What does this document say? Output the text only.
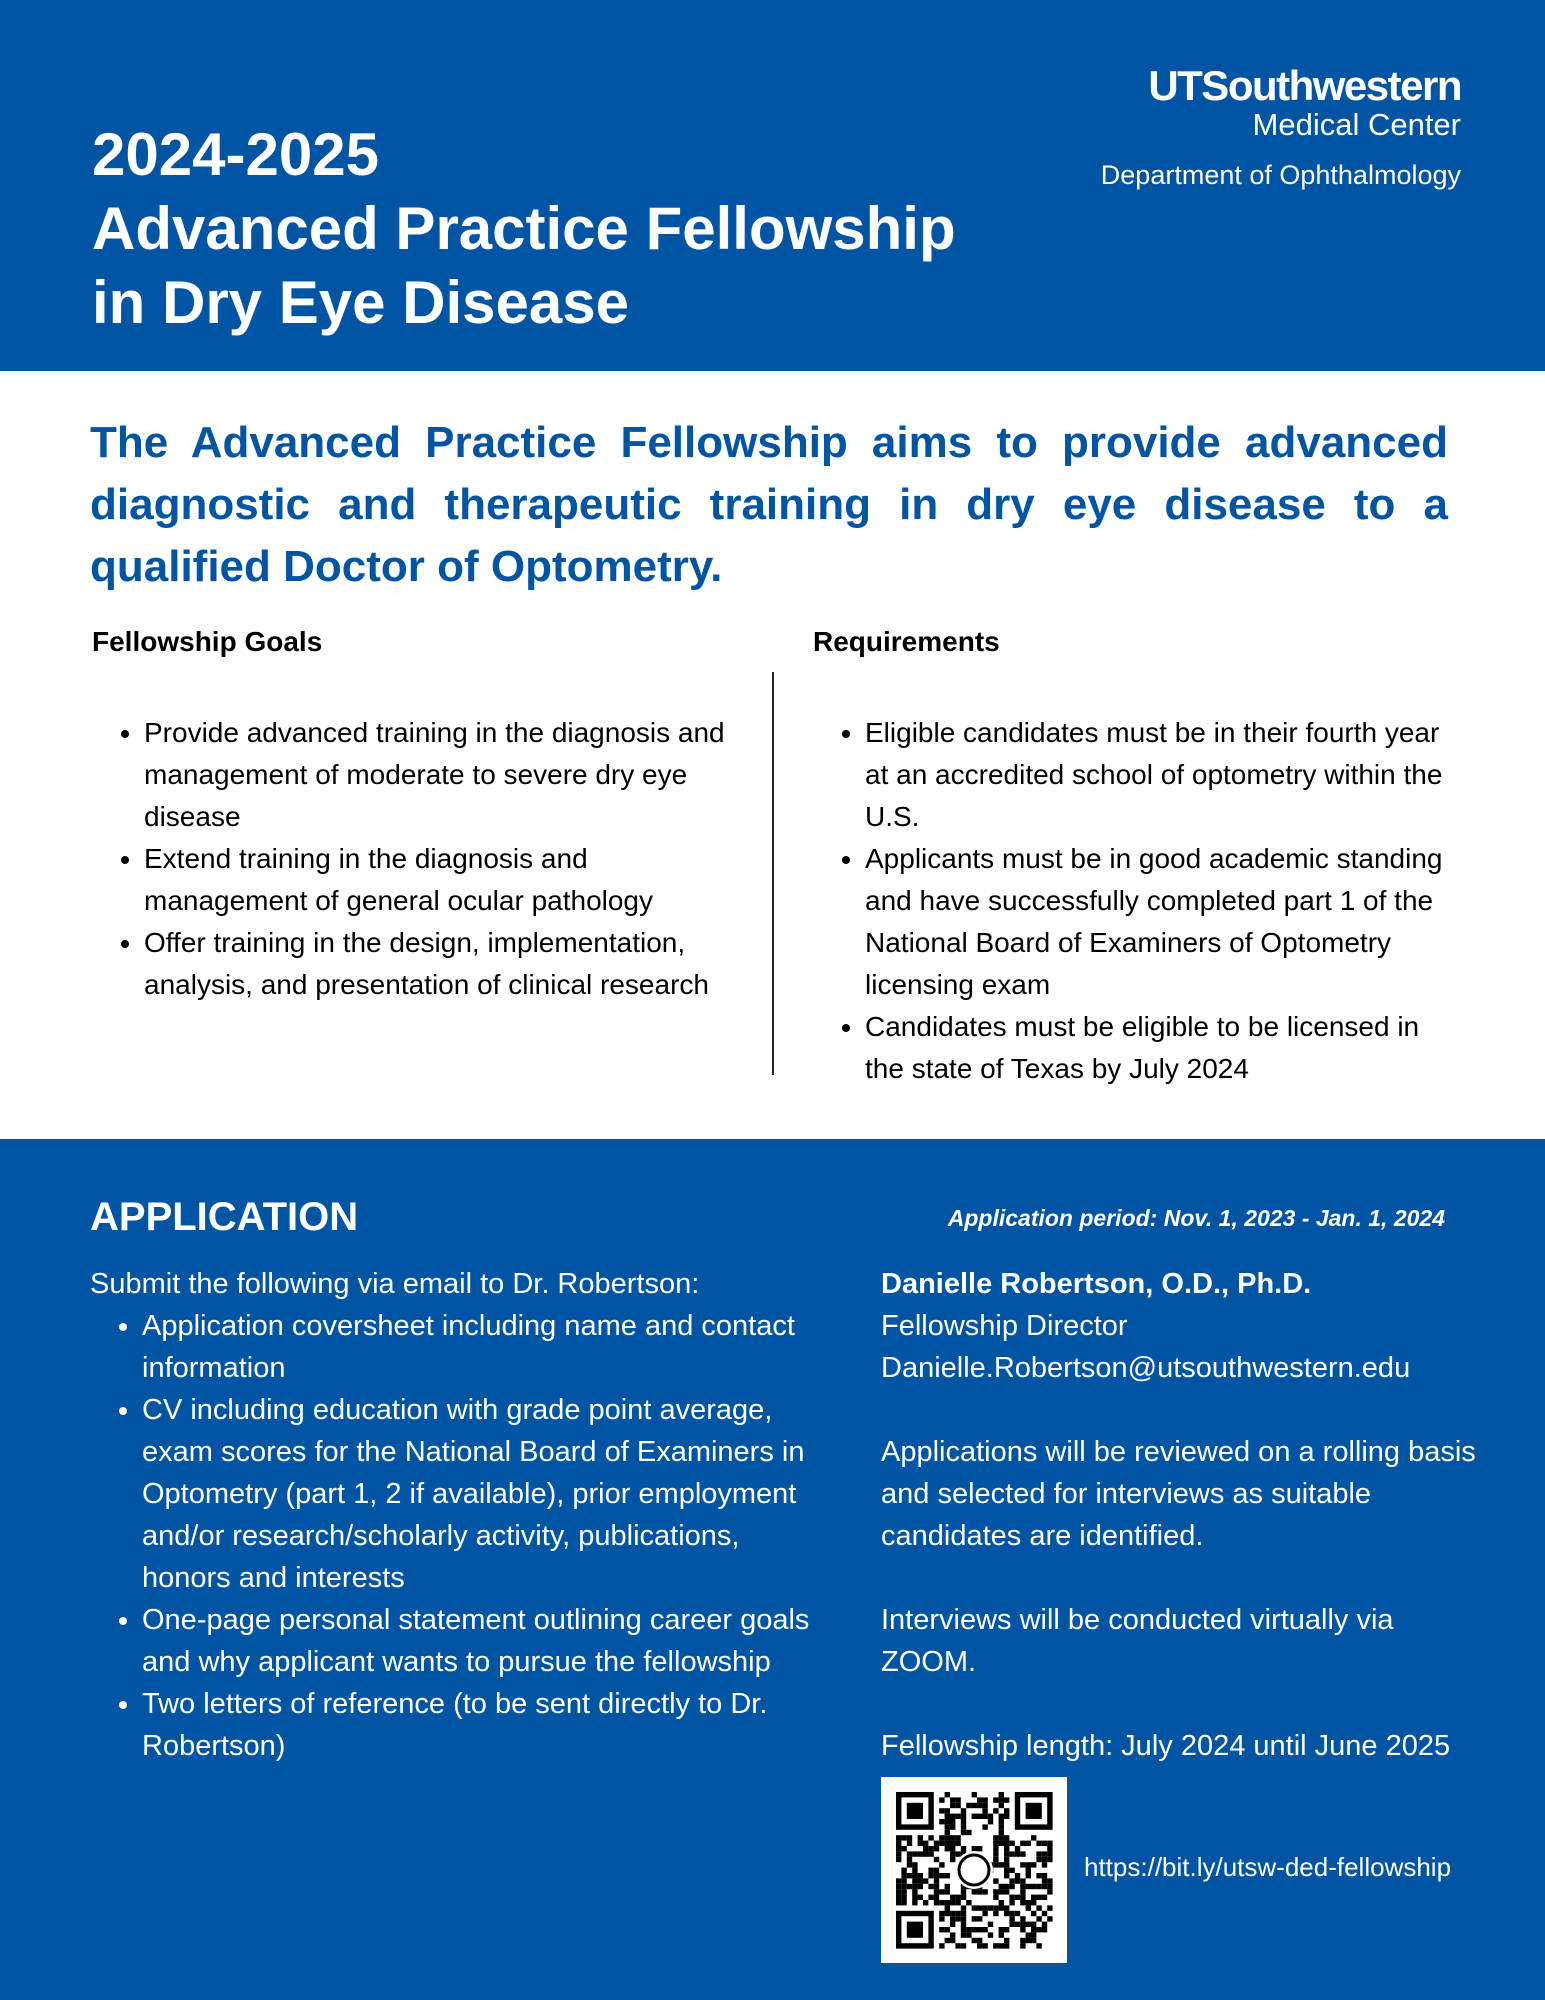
2024-2025
Advanced Practice Fellowship
in Dry Eye Disease
UTSouthwestern
Medical Center
Department of Ophthalmology

The Advanced Practice Fellowship aims to provide advanced diagnostic and therapeutic training in dry eye disease to a qualified Doctor of Optometry.

Fellowship Goals
• Provide advanced training in the diagnosis and management of moderate to severe dry eye disease
• Extend training in the diagnosis and management of general ocular pathology
• Offer training in the design, implementation, analysis, and presentation of clinical research
Requirements
• Eligible candidates must be in their fourth year at an accredited school of optometry within the U.S.
• Applicants must be in good academic standing and have successfully completed part 1 of the National Board of Examiners of Optometry licensing exam
• Candidates must be eligible to be licensed in the state of Texas by July 2024
APPLICATION
Submit the following via email to Dr. Robertson:
• Application coversheet including name and contact information
• CV including education with grade point average, exam scores for the National Board of Examiners in Optometry (part 1, 2 if available), prior employment and/or research/scholarly activity, publications, honors and interests
• One-page personal statement outlining career goals and why applicant wants to pursue the fellowship
• Two letters of reference (to be sent directly to Dr. Robertson)
Application period: Nov. 1, 2023 - Jan. 1, 2024

Danielle Robertson, O.D., Ph.D.

Fellowship Director

Danielle.Robertson@utsouthwestern.edu

Applications will be reviewed on a rolling basis and selected for interviews as suitable candidates are identified.

Interviews will be conducted virtually via ZOOM.

Fellowship length: July 2024 until June 2025

https://bit.ly/utsw-ded-fellowship
